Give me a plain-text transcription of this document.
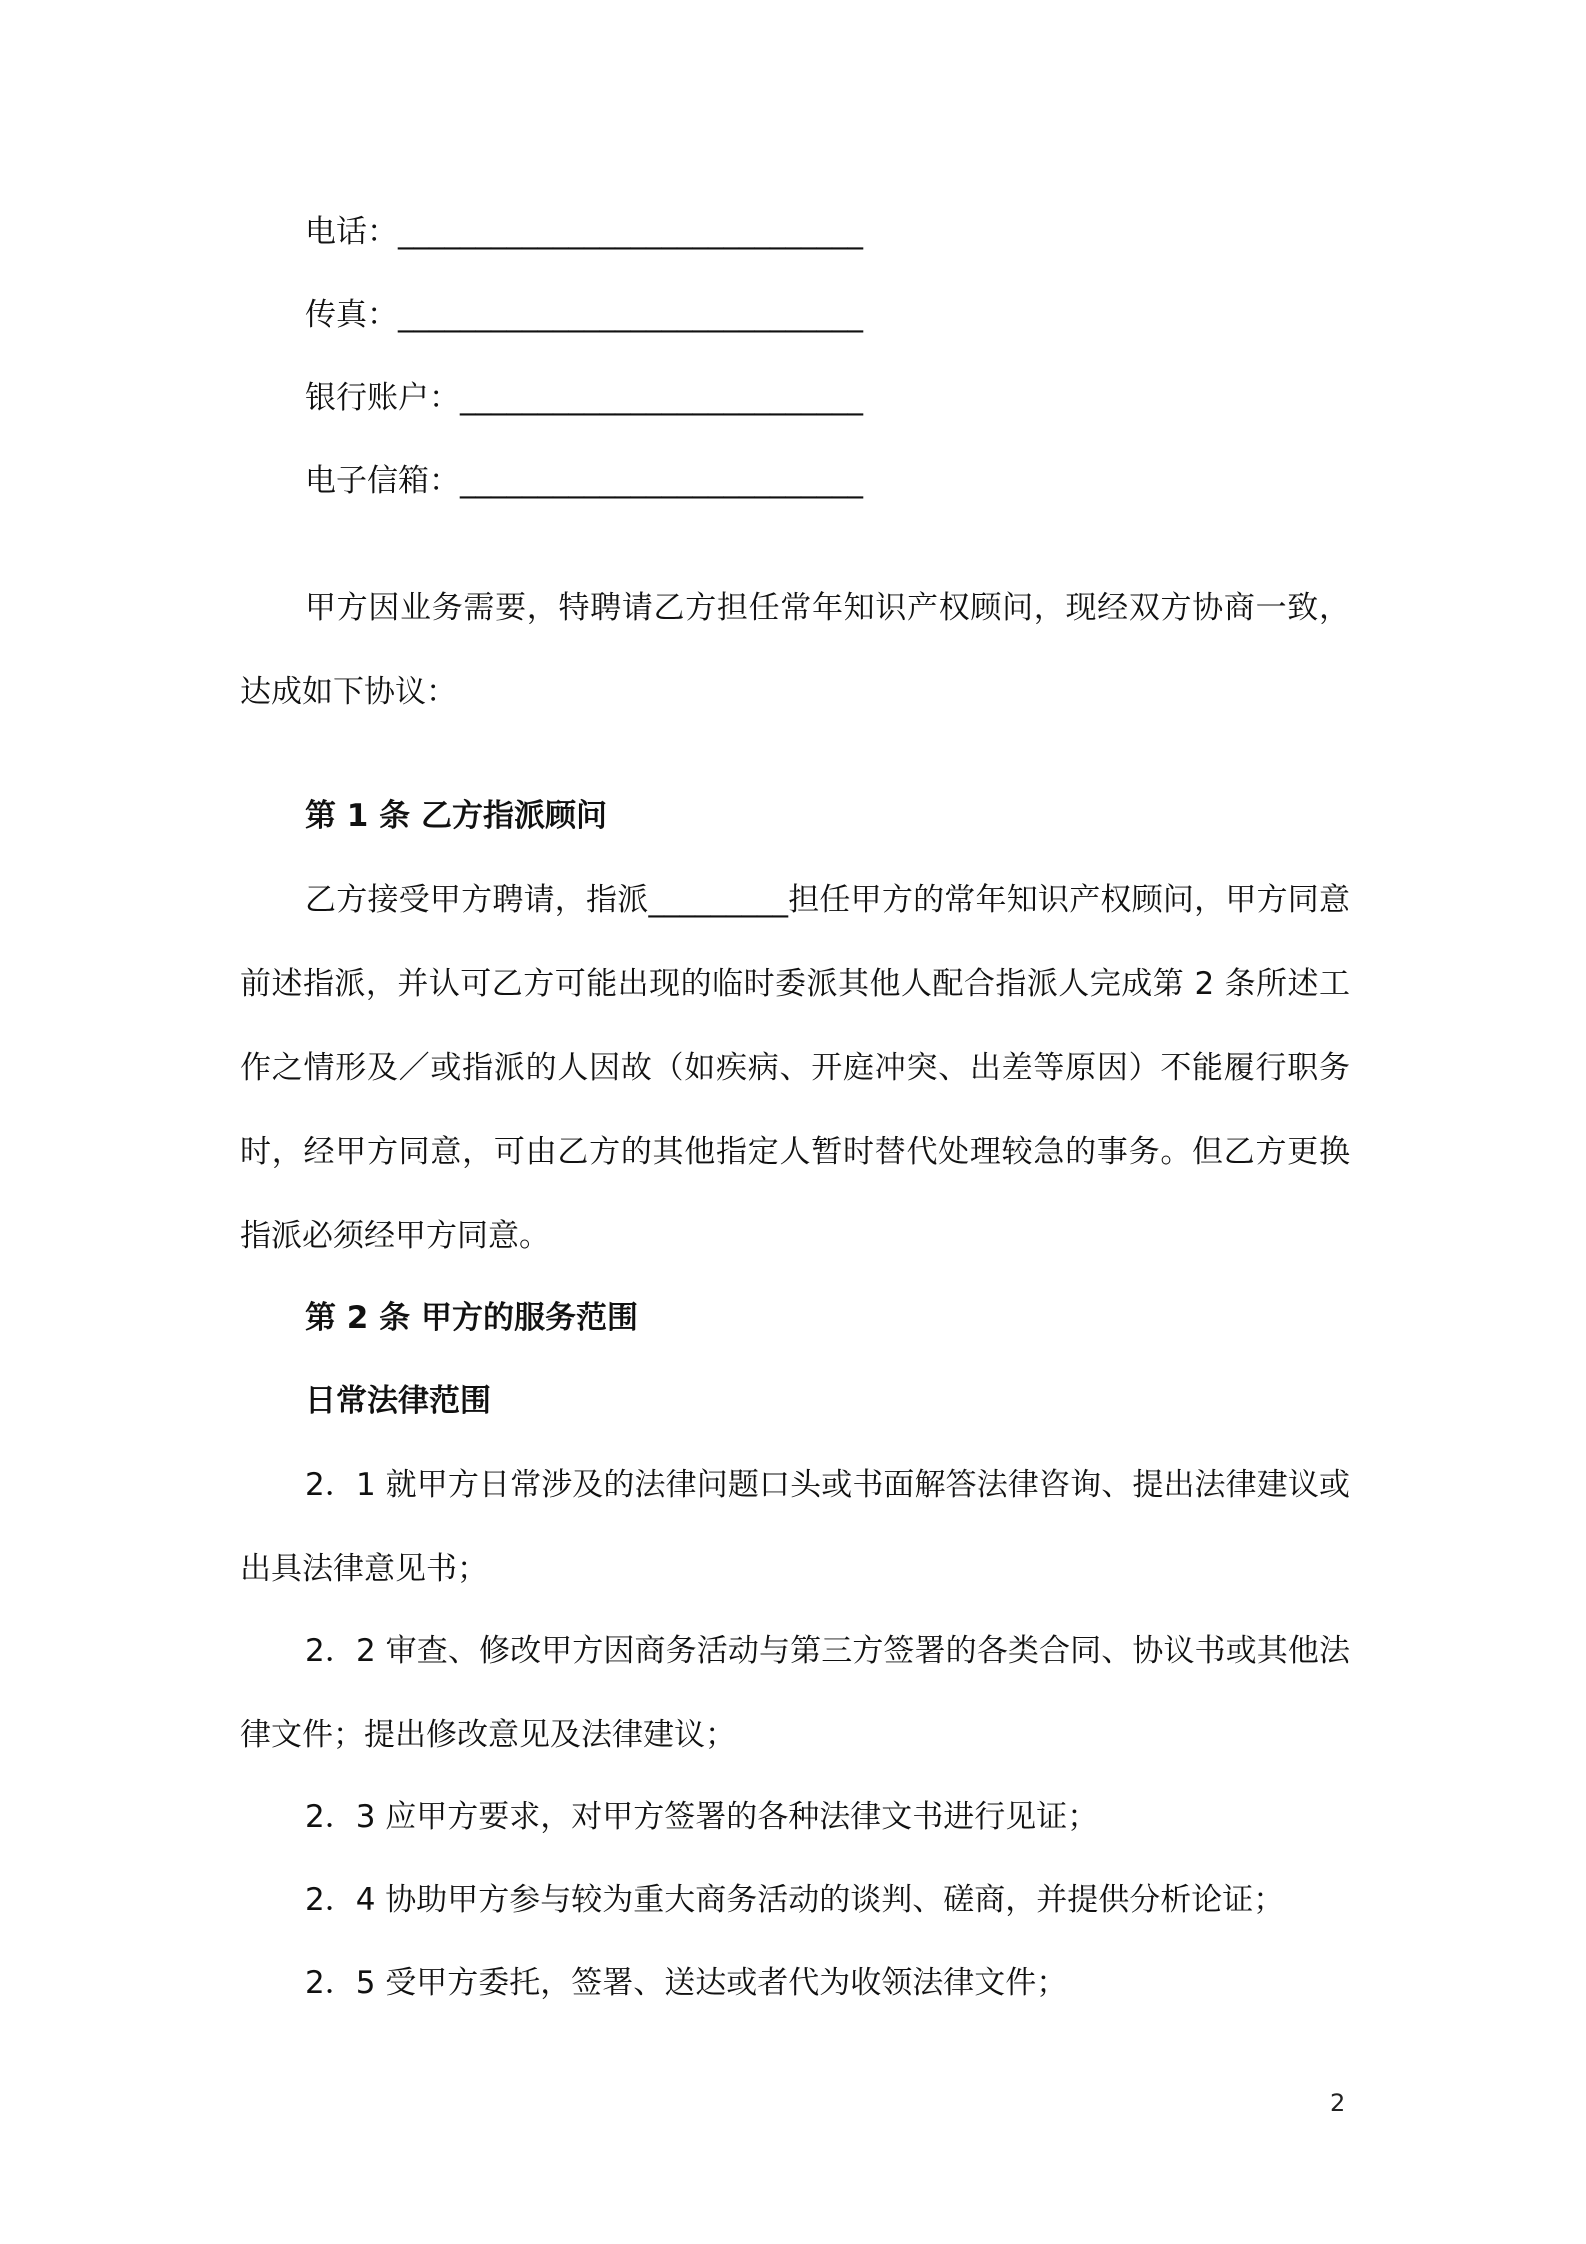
电话：______________________________
传真：______________________________
银行账户：__________________________
电子信箱：__________________________
甲方因业务需要，特聘请乙方担任常年知识产权顾问，现经双方协商一致，达成如下协议：
第 1 条 乙方指派顾问
乙方接受甲方聘请，指派_________担任甲方的常年知识产权顾问，甲方同意前述指派，并认可乙方可能出现的临时委派其他人配合指派人完成第 2 条所述工作之情形及／或指派的人因故（如疾病、开庭冲突、出差等原因）不能履行职务时，经甲方同意，可由乙方的其他指定人暂时替代处理较急的事务。但乙方更换指派必须经甲方同意。
第 2 条 甲方的服务范围
日常法律范围
2．1 就甲方日常涉及的法律问题口头或书面解答法律咨询、提出法律建议或出具法律意见书；
2．2 审查、修改甲方因商务活动与第三方签署的各类合同、协议书或其他法律文件；提出修改意见及法律建议；
2．3 应甲方要求，对甲方签署的各种法律文书进行见证；
2．4 协助甲方参与较为重大商务活动的谈判、磋商，并提供分析论证；
2．5 受甲方委托，签署、送达或者代为收领法律文件；
2
